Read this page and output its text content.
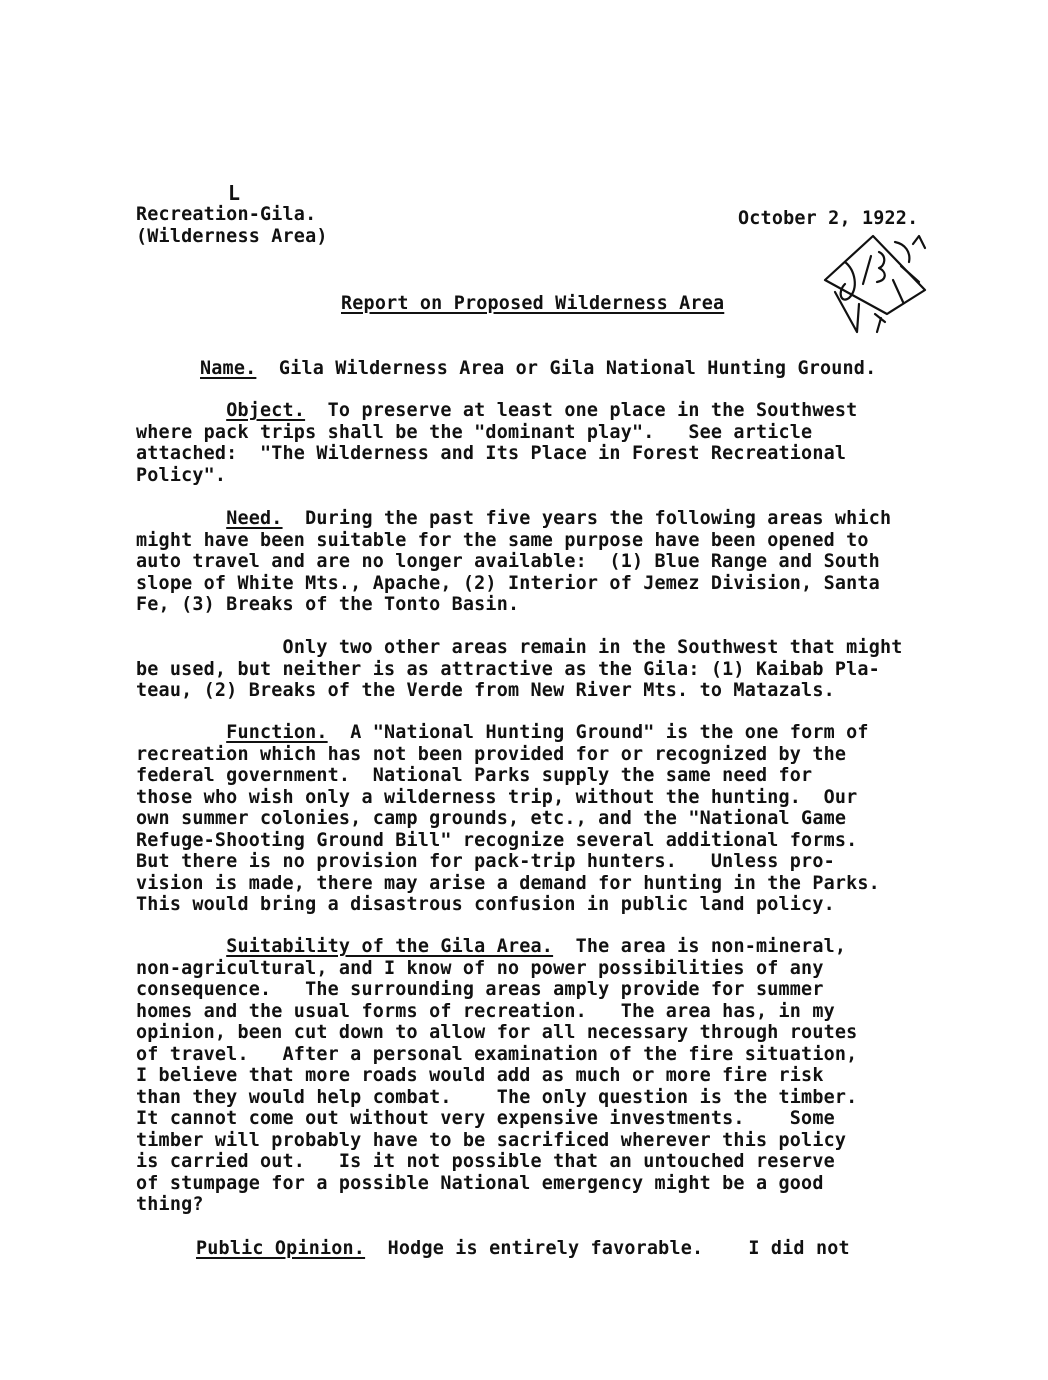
L
Recreation-Gila.
(Wilderness Area)
October 2, 1922.
Report on Proposed Wilderness Area
Name. Gila Wilderness Area or Gila National Hunting Ground.
Object. To preserve at least one place in the Southwest
where pack trips shall be the "dominant play".   See article
attached:  "The Wilderness and Its Place in Forest Recreational
Policy".
Need. During the past five years the following areas which
might have been suitable for the same purpose have been opened to
auto travel and are no longer available:  (1) Blue Range and South
slope of White Mts., Apache, (2) Interior of Jemez Division, Santa
Fe, (3) Breaks of the Tonto Basin.
Only two other areas remain in the Southwest that might
be used, but neither is as attractive as the Gila: (1) Kaibab Pla-
teau, (2) Breaks of the Verde from New River Mts. to Matazals.
Function. A "National Hunting Ground" is the one form of
recreation which has not been provided for or recognized by the
federal government.  National Parks supply the same need for
those who wish only a wilderness trip, without the hunting.  Our
own summer colonies, camp grounds, etc., and the "National Game
Refuge-Shooting Ground Bill" recognize several additional forms.
But there is no provision for pack-trip hunters.   Unless pro-
vision is made, there may arise a demand for hunting in the Parks.
This would bring a disastrous confusion in public land policy.
Suitability of the Gila Area. The area is non-mineral,
non-agricultural, and I know of no power possibilities of any
consequence.   The surrounding areas amply provide for summer
homes and the usual forms of recreation.   The area has, in my
opinion, been cut down to allow for all necessary through routes
of travel.   After a personal examination of the fire situation,
I believe that more roads would add as much or more fire risk
than they would help combat.    The only question is the timber.
It cannot come out without very expensive investments.    Some
timber will probably have to be sacrificed wherever this policy
is carried out.   Is it not possible that an untouched reserve
of stumpage for a possible National emergency might be a good
thing?
Public Opinion. Hodge is entirely favorable.    I did not
